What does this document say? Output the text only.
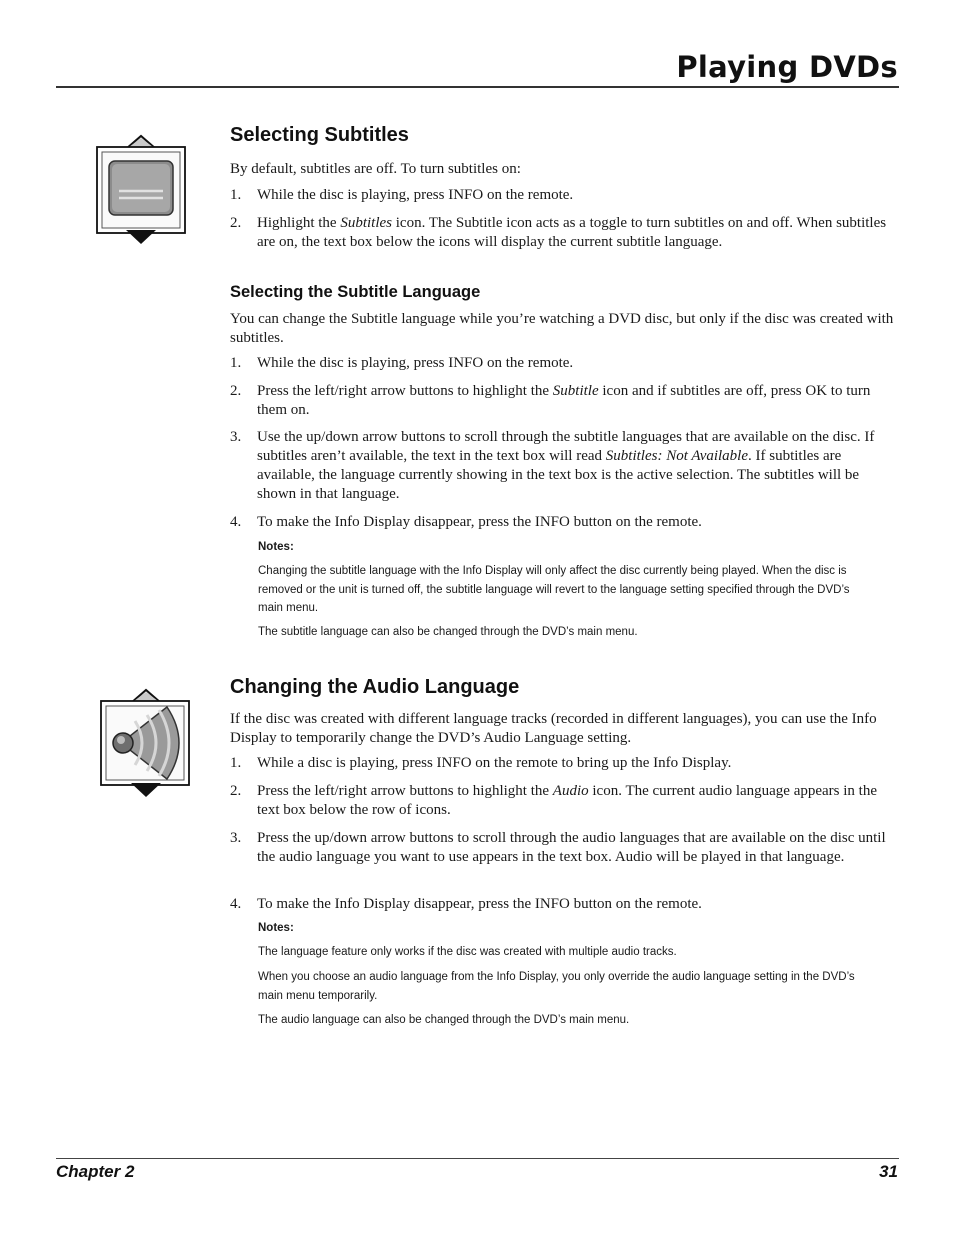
Playing DVDs
Selecting Subtitles

By default, subtitles are off. To turn subtitles on:

1. While the disc is playing, press INFO on the remote.
2. Highlight the Subtitles icon. The Subtitle icon acts as a toggle to turn subtitles on and off. When subtitles are on, the text box below the icons will display the current subtitle language.
Selecting the Subtitle Language

You can change the Subtitle language while you’re watching a DVD disc, but only if the disc was created with subtitles.

1. While the disc is playing, press INFO on the remote.
2. Press the left/right arrow buttons to highlight the Subtitle icon and if subtitles are off, press OK to turn them on.
3. Use the up/down arrow buttons to scroll through the subtitle languages that are available on the disc. If subtitles aren’t available, the text in the text box will read Subtitles: Not Available. If subtitles are available, the language currently showing in the text box is the active selection. The subtitles will be shown in that language.
4. To make the Info Display disappear, press the INFO button on the remote.

Notes:

Changing the subtitle language with the Info Display will only affect the disc currently being played. When the disc is removed or the unit is turned off, the subtitle language will revert to the language setting specified through the DVD’s main menu.

The subtitle language can also be changed through the DVD’s main menu.

Changing the Audio Language

If the disc was created with different language tracks (recorded in different languages), you can use the Info Display to temporarily change the DVD’s Audio Language setting.

1. While a disc is playing, press INFO on the remote to bring up the Info Display.
2. Press the left/right arrow buttons to highlight the Audio icon. The current audio language appears in the text box below the row of icons.
3. Press the up/down arrow buttons to scroll through the audio languages that are available on the disc until the audio language you want to use appears in the text box. Audio will be played in that language.
4. To make the Info Display disappear, press the INFO button on the remote.

Notes:

The language feature only works if the disc was created with multiple audio tracks.

When you choose an audio language from the Info Display, you only override the audio language setting in the DVD’s main menu temporarily.

The audio language can also be changed through the DVD’s main menu.

Chapter 2	31
